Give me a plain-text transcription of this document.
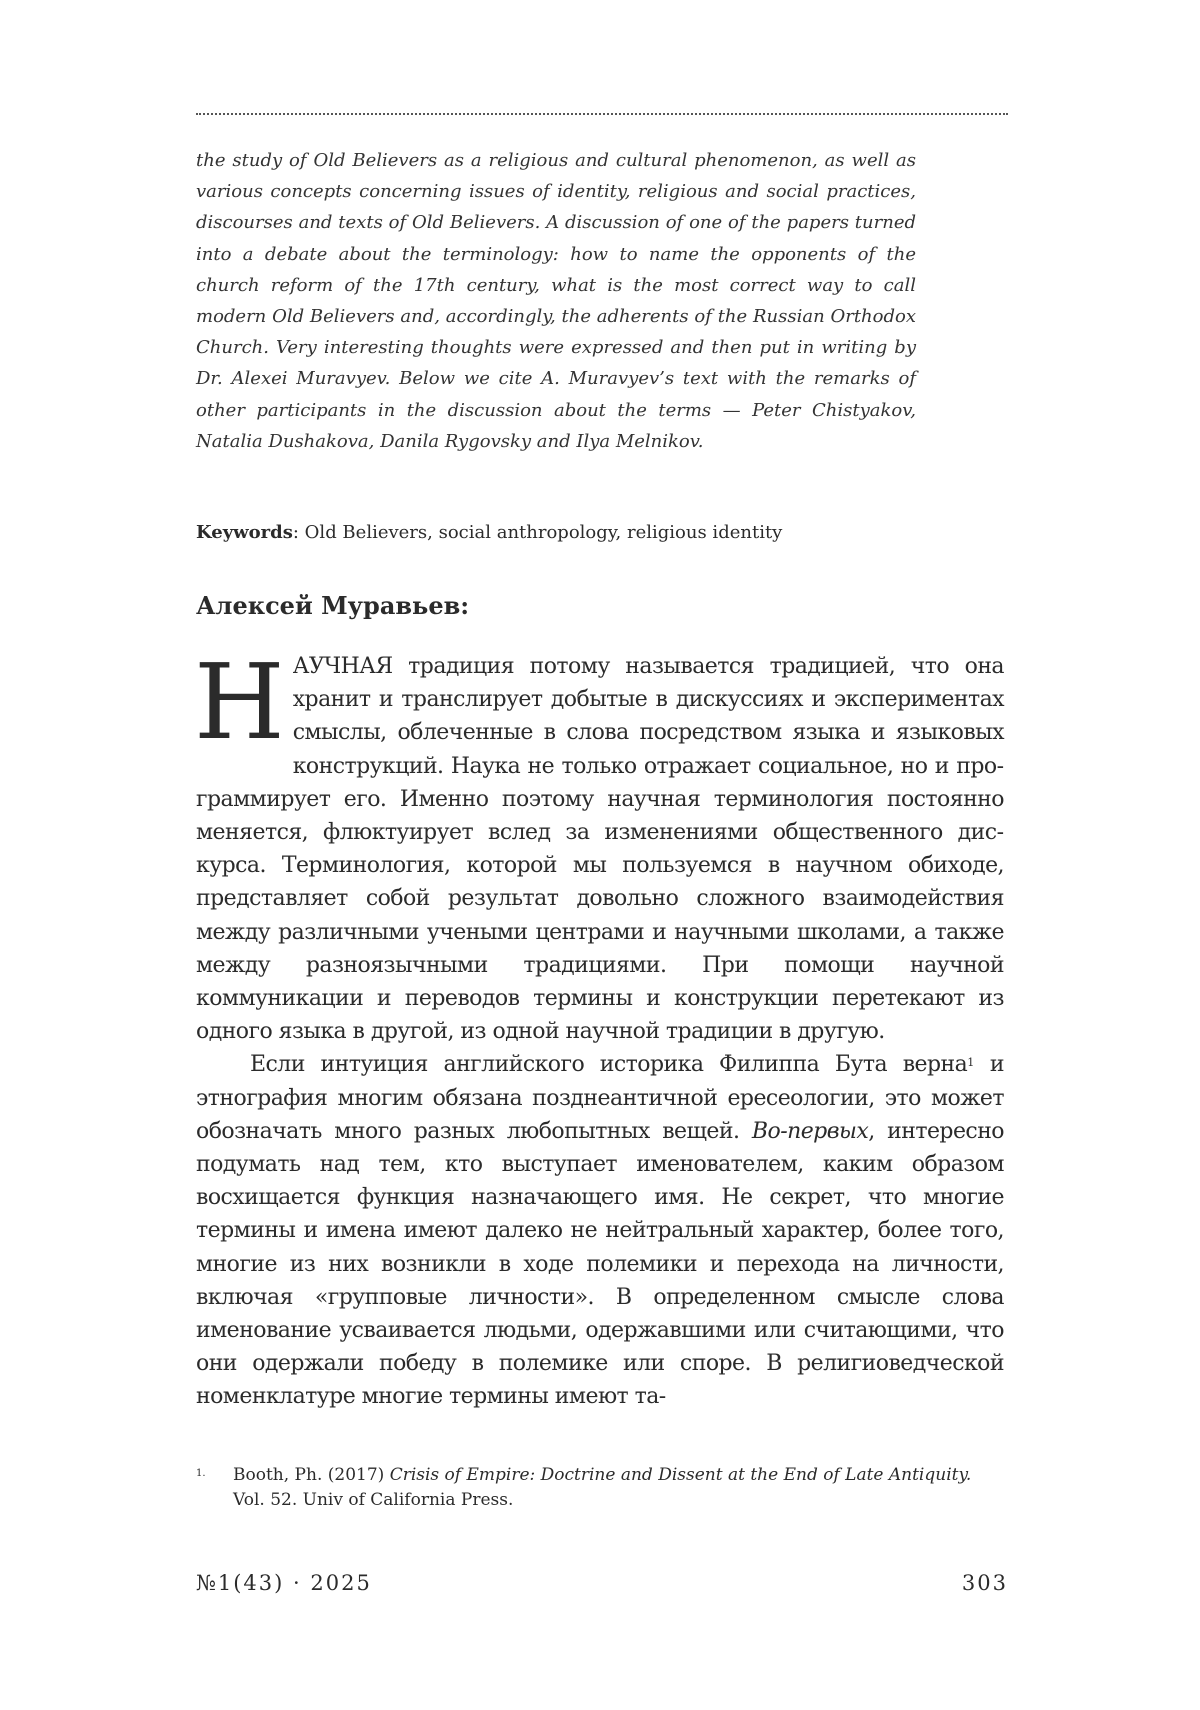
the study of Old Believers as a religious and cultural phenomenon, as well as various concepts concerning issues of identity, religious and social practices, discourses and texts of Old Believers. A discussion of one of the papers turned into a debate about the terminology: how to name the opponents of the church reform of the 17th century, what is the most correct way to call modern Old Believers and, accordingly, the adherents of the Russian Orthodox Church. Very interesting thoughts were expressed and then put in writing by Dr. Alexei Muravyev. Below we cite A. Muravyev’s text with the remarks of other participants in the discussion about the terms — Peter Chistyakov, Natalia Dushakova, Danila Rygovsky and Ilya Melnikov.

Keywords: Old Believers, social anthropology, religious identity

Алексей Муравьев:

НАУЧНАЯ традиция потому называется традицией, что она хранит и транслирует добытые в дискуссиях и экспериментах смыслы, облеченные в слова посредством языка и языковых конструкций. Наука не только отражает социальное, но и программирует его. Именно поэтому научная терминология постоянно меняется, флюктуирует вслед за изменениями общественного дискурса. Терминология, которой мы пользуемся в научном обиходе, представляет собой результат довольно сложного взаимодействия между различными учеными центрами и научными школами, а также между разноязычными традициями. При помощи научной коммуникации и переводов термины и конструкции перетекают из одного языка в другой, из одной научной традиции в другую.

Если интуиция английского историка Филиппа Бута верна$^1$ и этнография многим обязана позднеантичной ересеологии, это может обозначать много разных любопытных вещей. Во-первых, интересно подумать над тем, кто выступает именователем, каким образом восхищается функция назначающего имя. Не секрет, что многие термины и имена имеют далеко не нейтральный характер, более того, многие из них возникли в ходе полемики и перехода на личности, включая «групповые личности». В определенном смысле слова именование усваивается людьми, одержавшими или считающими, что они одержали победу в полемике или споре. В религиоведческой номенклатуре многие термины имеют та-

1. Booth, Ph. (2017) Crisis of Empire: Doctrine and Dissent at the End of Late Antiquity. Vol. 52. Univ of California Press.
№1(43) · 2025	303
